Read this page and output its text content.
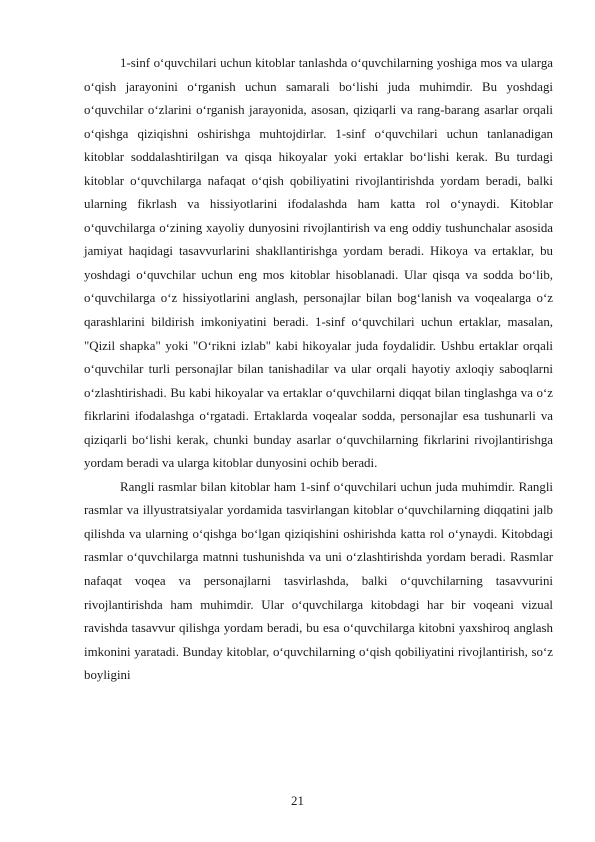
1-sinf o‘quvchilari uchun kitoblar tanlashda o‘quvchilarning yoshiga mos va ularga o‘qish jarayonini o‘rganish uchun samarali bo‘lishi juda muhimdir. Bu yoshdagi o‘quvchilar o‘zlarini o‘rganish jarayonida, asosan, qiziqarli va rang-barang asarlar orqali o‘qishga qiziqishni oshirishga muhtojdirlar. 1-sinf o‘quvchilari uchun tanlanadigan kitoblar soddalashtirilgan va qisqa hikoyalar yoki ertaklar bo‘lishi kerak. Bu turdagi kitoblar o‘quvchilarga nafaqat o‘qish qobiliyatini rivojlantirishda yordam beradi, balki ularning fikrlash va hissiyotlarini ifodalashda ham katta rol o‘ynaydi. Kitoblar o‘quvchilarga o‘zining xayoliy dunyosini rivojlantirish va eng oddiy tushunchalar asosida jamiyat haqidagi tasavvurlarini shakllantirishga yordam beradi. Hikoya va ertaklar, bu yoshdagi o‘quvchilar uchun eng mos kitoblar hisoblanadi. Ular qisqa va sodda bo‘lib, o‘quvchilarga o‘z hissiyotlarini anglash, personajlar bilan bog‘lanish va voqealarga o‘z qarashlarini bildirish imkoniyatini beradi. 1-sinf o‘quvchilari uchun ertaklar, masalan, "Qizil shapka" yoki "O‘rikni izlab" kabi hikoyalar juda foydalidir. Ushbu ertaklar orqali o‘quvchilar turli personajlar bilan tanishadilar va ular orqali hayotiy axloqiy saboqlarni o‘zlashtirishadi. Bu kabi hikoyalar va ertaklar o‘quvchilarni diqqat bilan tinglashga va o‘z fikrlarini ifodalashga o‘rgatadi. Ertaklarda voqealar sodda, personajlar esa tushunarli va qiziqarli bo‘lishi kerak, chunki bunday asarlar o‘quvchilarning fikrlarini rivojlantirishga yordam beradi va ularga kitoblar dunyosini ochib beradi.

Rangli rasmlar bilan kitoblar ham 1-sinf o‘quvchilari uchun juda muhimdir. Rangli rasmlar va illyustratsiyalar yordamida tasvirlangan kitoblar o‘quvchilarning diqqatini jalb qilishda va ularning o‘qishga bo‘lgan qiziqishini oshirishda katta rol o‘ynaydi. Kitobdagi rasmlar o‘quvchilarga matnni tushunishda va uni o‘zlashtirishda yordam beradi. Rasmlar nafaqat voqea va personajlarni tasvirlashda, balki o‘quvchilarning tasavvurini rivojlantirishda ham muhimdir. Ular o‘quvchilarga kitobdagi har bir voqeani vizual ravishda tasavvur qilishga yordam beradi, bu esa o‘quvchilarga kitobni yaxshiroq anglash imkonini yaratadi. Bunday kitoblar, o‘quvchilarning o‘qish qobiliyatini rivojlantirish, so‘z boyligini

21
